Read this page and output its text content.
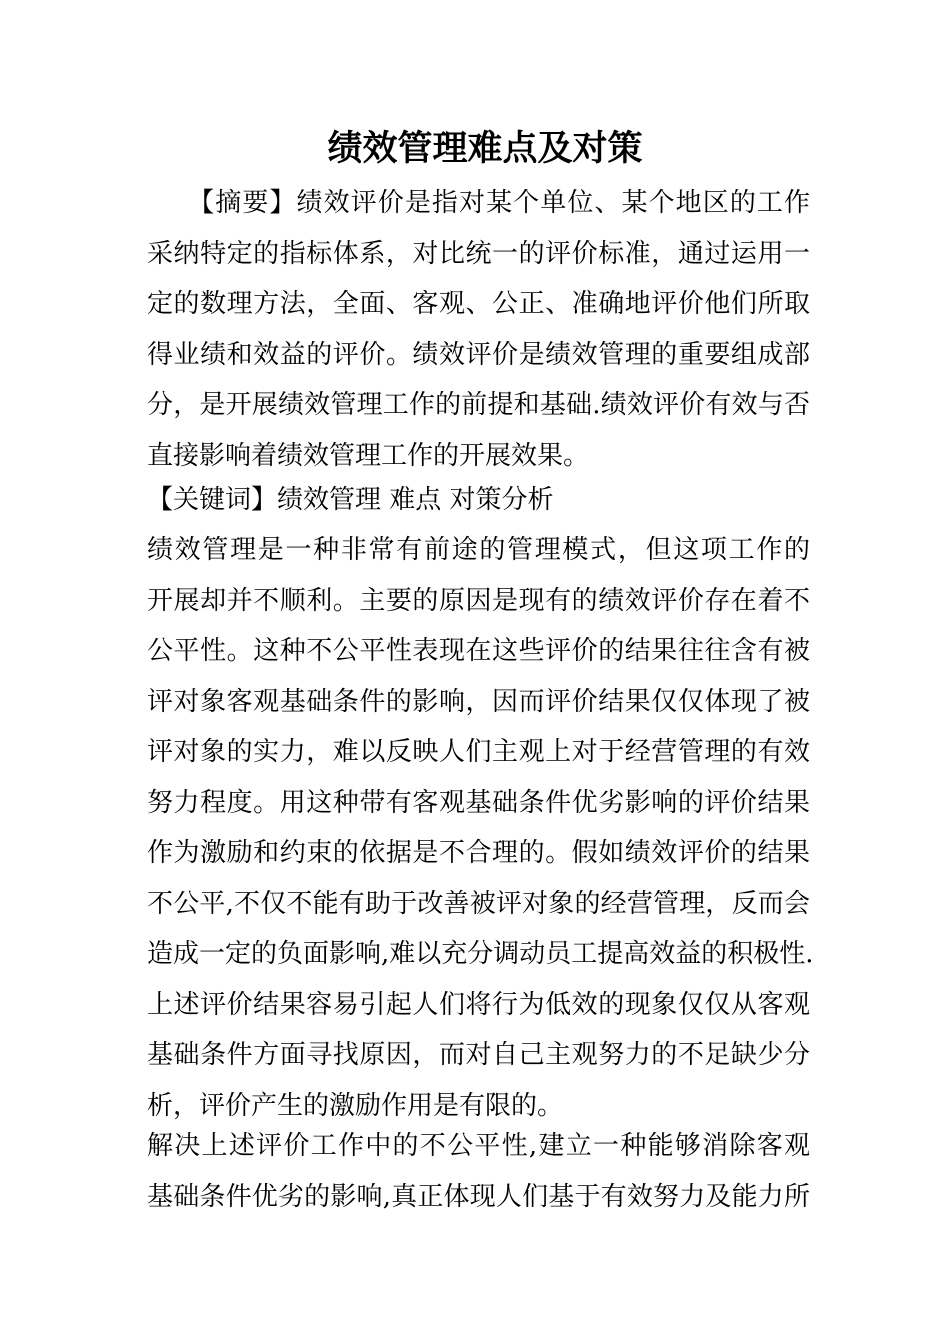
绩效管理难点及对策
　　【摘要】绩效评价是指对某个单位、某个地区的工作
采纳特定的指标体系，对比统一的评价标准，通过运用一
定的数理方法，全面、客观、公正、准确地评价他们所取
得业绩和效益的评价。绩效评价是绩效管理的重要组成部
分，是开展绩效管理工作的前提和基础.绩效评价有效与否
直接影响着绩效管理工作的开展效果。
【关键词】绩效管理 难点 对策分析
绩效管理是一种非常有前途的管理模式，但这项工作的
开展却并不顺利。主要的原因是现有的绩效评价存在着不
公平性。这种不公平性表现在这些评价的结果往往含有被
评对象客观基础条件的影响，因而评价结果仅仅体现了被
评对象的实力，难以反映人们主观上对于经营管理的有效
努力程度。用这种带有客观基础条件优劣影响的评价结果
作为激励和约束的依据是不合理的。假如绩效评价的结果
不公平,不仅不能有助于改善被评对象的经营管理，反而会
造成一定的负面影响,难以充分调动员工提高效益的积极性.
上述评价结果容易引起人们将行为低效的现象仅仅从客观
基础条件方面寻找原因，而对自己主观努力的不足缺少分
析，评价产生的激励作用是有限的。
解决上述评价工作中的不公平性,建立一种能够消除客观
基础条件优劣的影响,真正体现人们基于有效努力及能力所
